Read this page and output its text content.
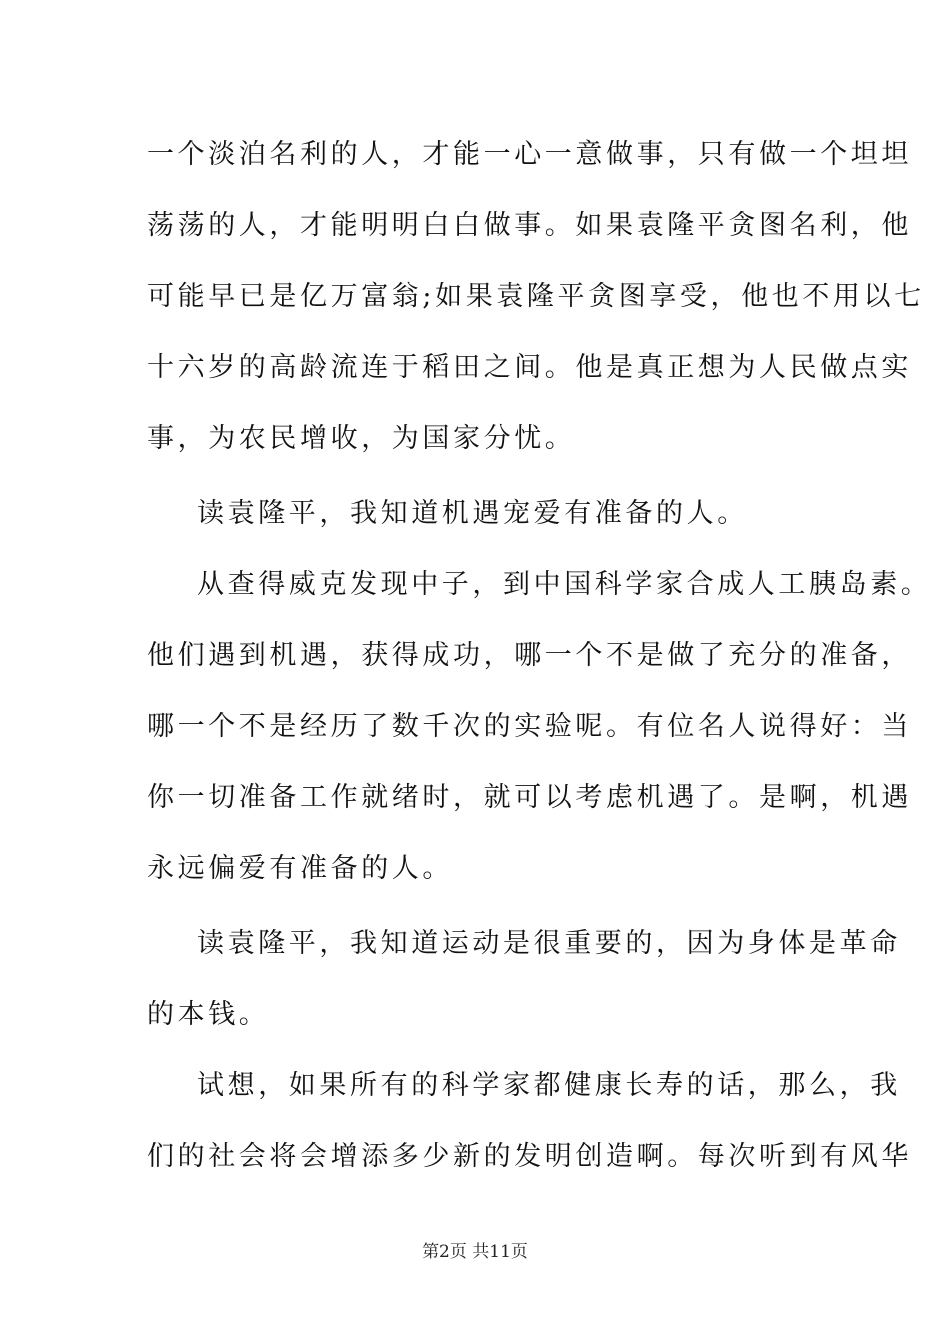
一个淡泊名利的人，才能一心一意做事，只有做一个坦坦
荡荡的人，才能明明白白做事。如果袁隆平贪图名利，他
可能早已是亿万富翁;如果袁隆平贪图享受，他也不用以七
十六岁的高龄流连于稻田之间。他是真正想为人民做点实
事，为农民增收，为国家分忧。
读袁隆平，我知道机遇宠爱有准备的人。
从查得威克发现中子，到中国科学家合成人工胰岛素。
他们遇到机遇，获得成功，哪一个不是做了充分的准备，
哪一个不是经历了数千次的实验呢。有位名人说得好：当
你一切准备工作就绪时，就可以考虑机遇了。是啊，机遇
永远偏爱有准备的人。
读袁隆平，我知道运动是很重要的，因为身体是革命
的本钱。
试想，如果所有的科学家都健康长寿的话，那么，我
们的社会将会增添多少新的发明创造啊。每次听到有风华
第2页 共11页
